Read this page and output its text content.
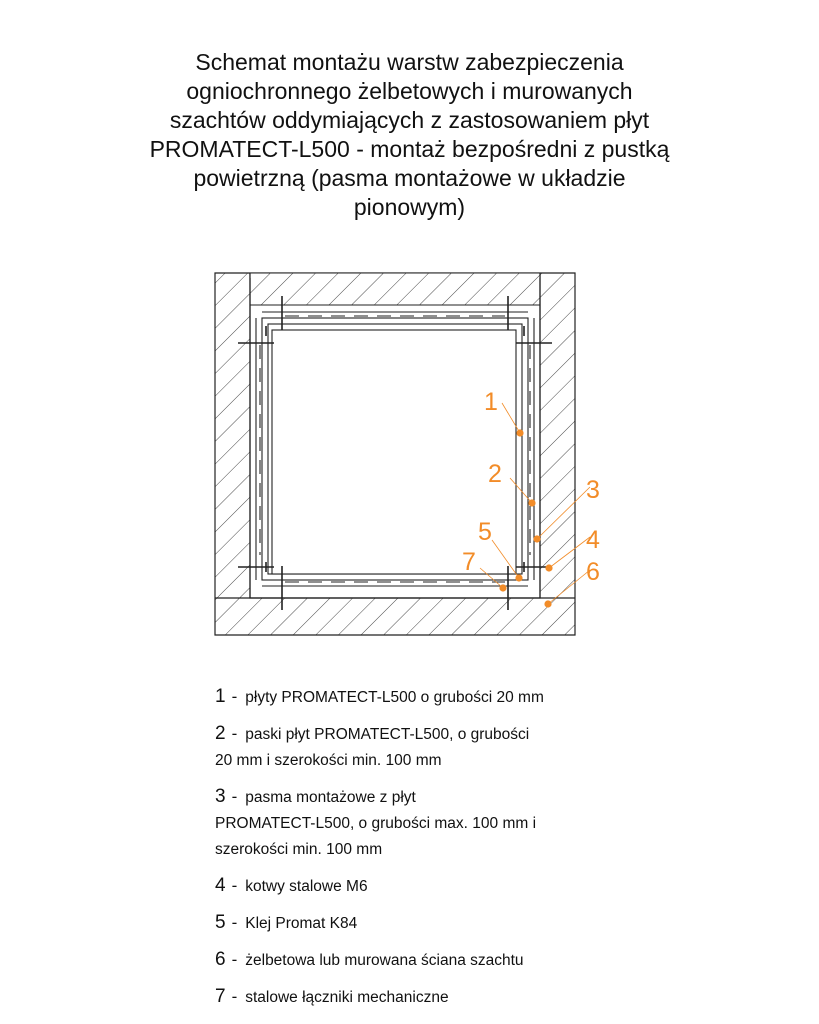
Schemat montażu warstw zabezpieczenia
ogniochronnego żelbetowych i murowanych
szachtów oddymiających z zastosowaniem płyt
PROMATECT-L500 - montaż bezpośredni z pustką
powietrzną (pasma montażowe w układzie
pionowym)
1
2
3
4
5
6
7
1 - płyty PROMATECT-L500 o grubości 20 mm
2 - paski płyt PROMATECT-L500, o grubości
20 mm i szerokości min. 100 mm
3 - pasma montażowe z płyt
PROMATECT-L500, o grubości max. 100 mm i
szerokości min. 100 mm
4 - kotwy stalowe M6
5 - Klej Promat K84
6 - żelbetowa lub murowana ściana szachtu
7 - stalowe łączniki mechaniczne
